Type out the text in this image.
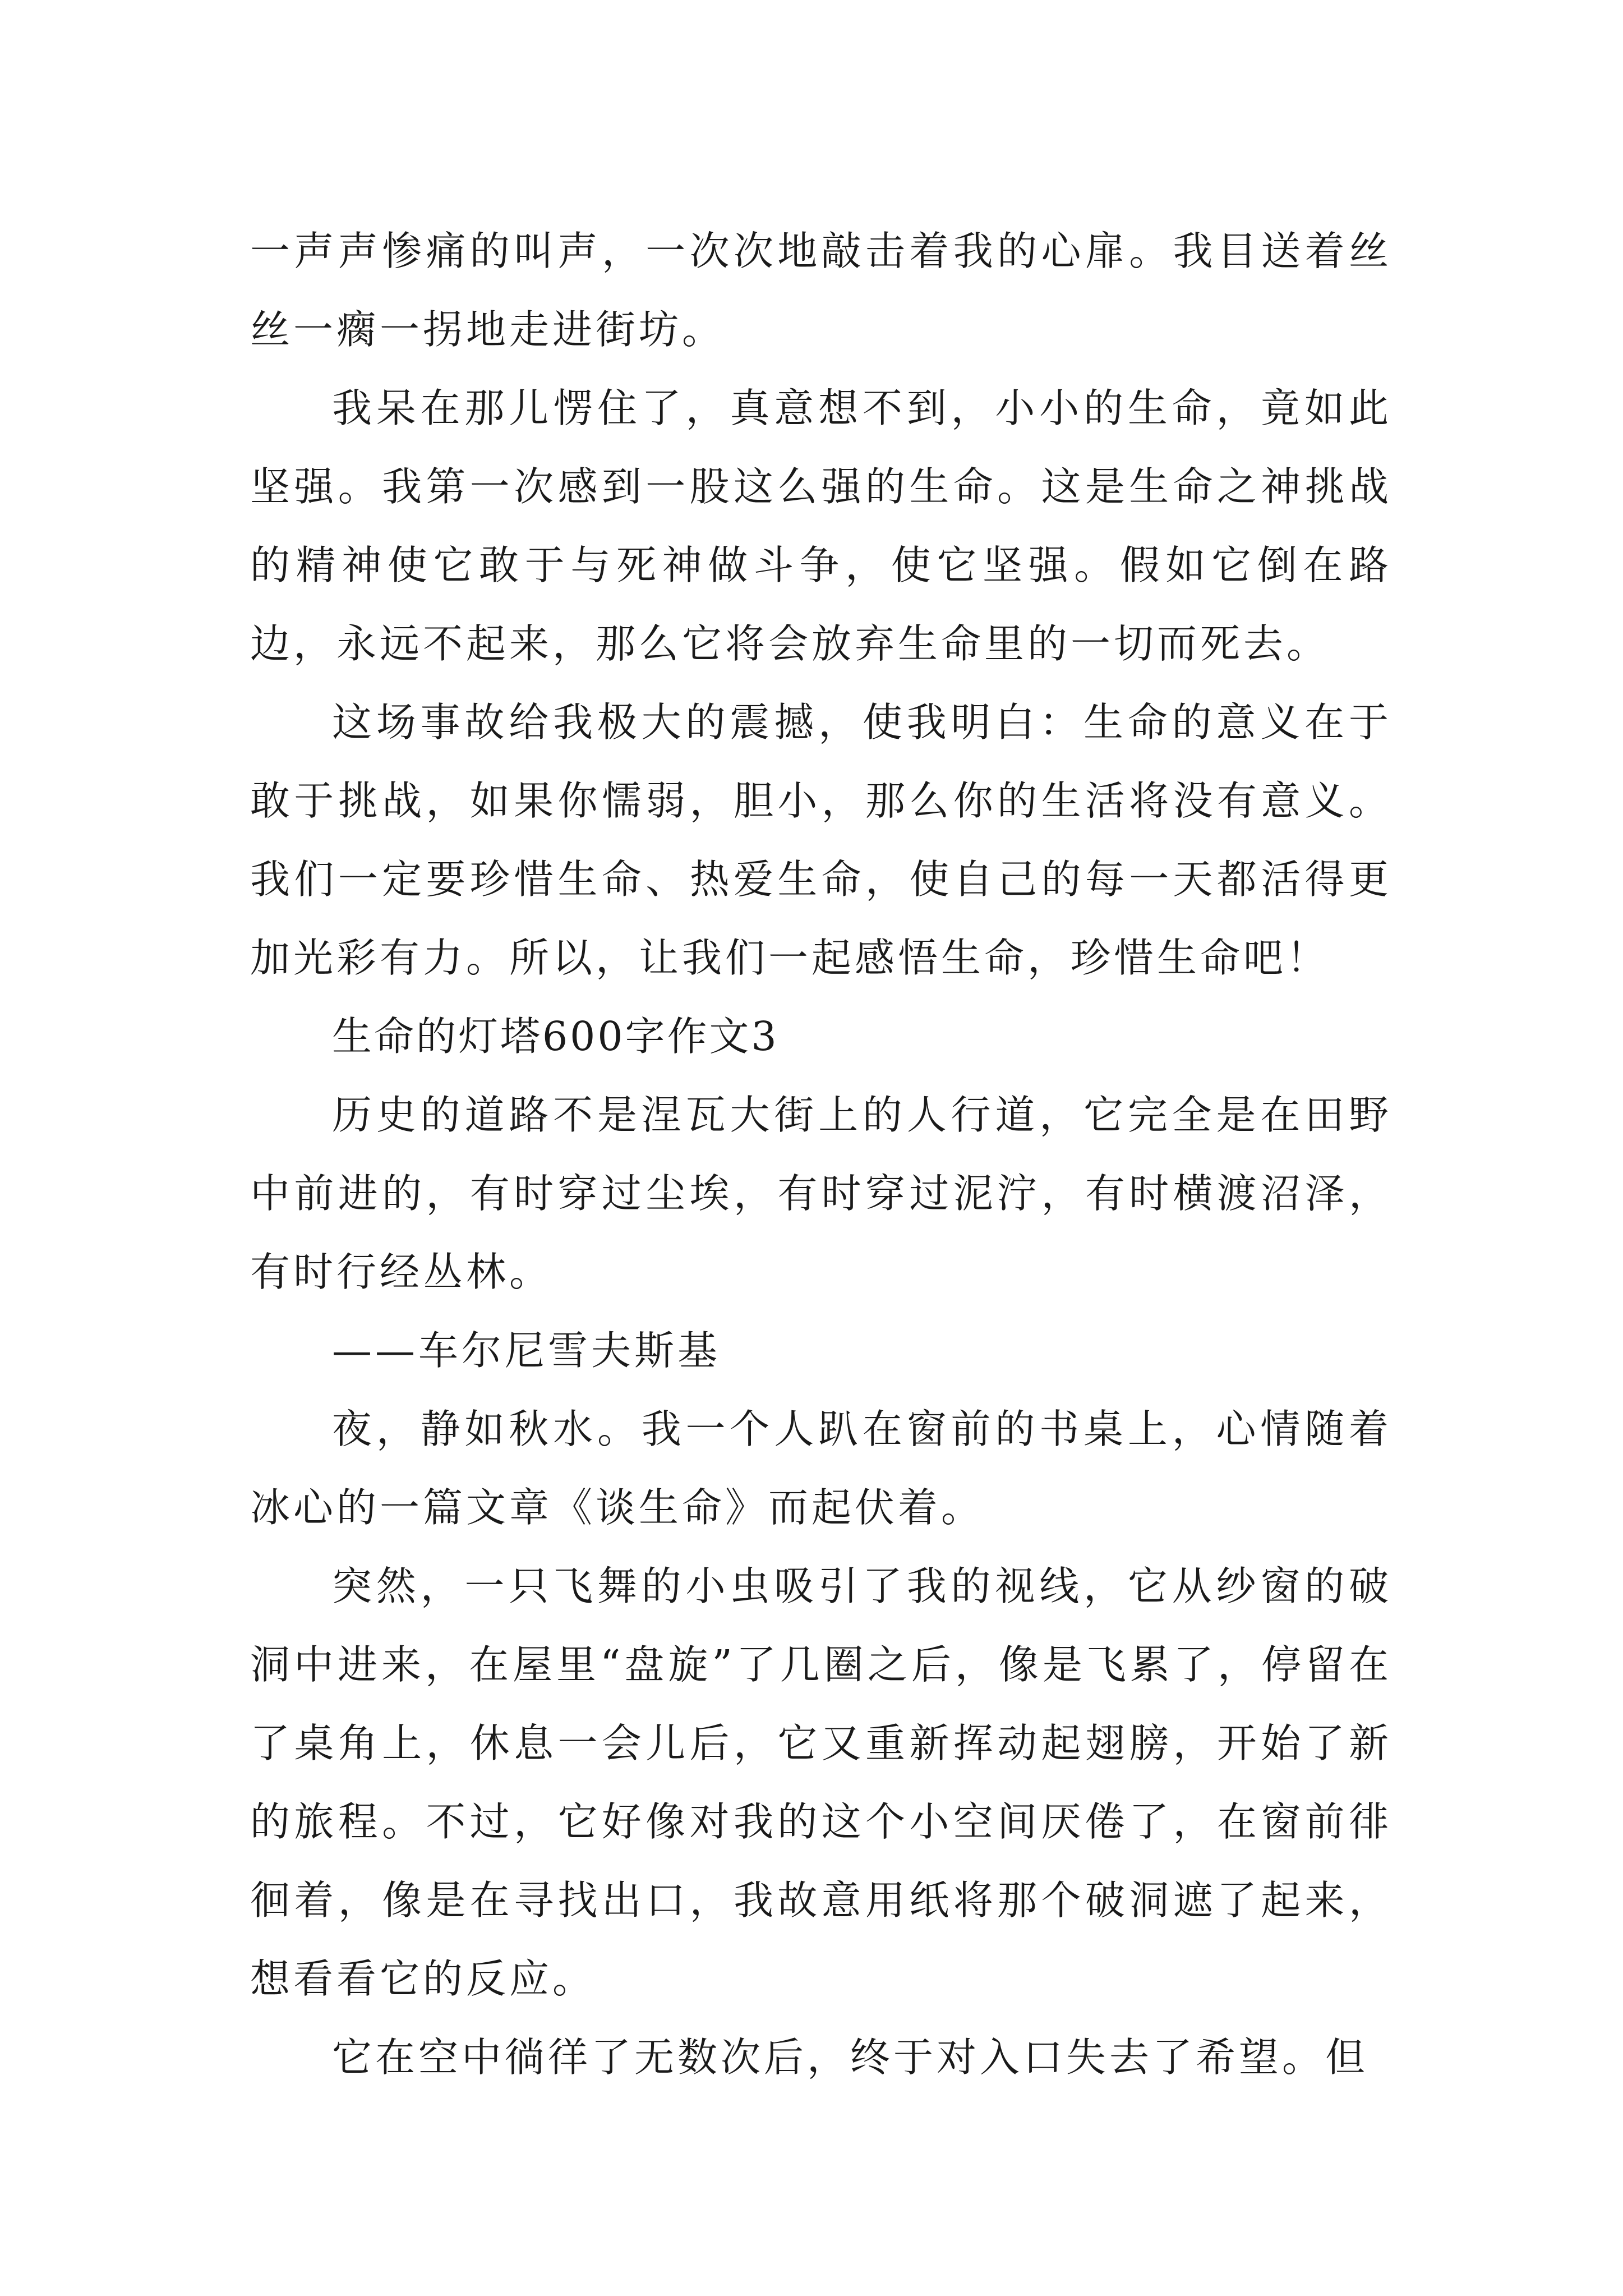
一声声惨痛的叫声，一次次地敲击着我的心扉。我目送着丝丝一瘸一拐地走进街坊。

我呆在那儿愣住了，真意想不到，小小的生命，竟如此坚强。我第一次感到一股这么强的生命。这是生命之神挑战的精神使它敢于与死神做斗争，使它坚强。假如它倒在路边，永远不起来，那么它将会放弃生命里的一切而死去。

这场事故给我极大的震撼，使我明白：生命的意义在于敢于挑战，如果你懦弱，胆小，那么你的生活将没有意义。我们一定要珍惜生命、热爱生命，使自己的每一天都活得更加光彩有力。所以，让我们一起感悟生命，珍惜生命吧！

生命的灯塔600字作文3

历史的道路不是涅瓦大街上的人行道，它完全是在田野中前进的，有时穿过尘埃，有时穿过泥泞，有时横渡沼泽，有时行经丛林。

——车尔尼雪夫斯基

夜，静如秋水。我一个人趴在窗前的书桌上，心情随着冰心的一篇文章《谈生命》而起伏着。

突然，一只飞舞的小虫吸引了我的视线，它从纱窗的破洞中进来，在屋里“盘旋”了几圈之后，像是飞累了，停留在了桌角上，休息一会儿后，它又重新挥动起翅膀，开始了新的旅程。不过，它好像对我的这个小空间厌倦了，在窗前徘徊着，像是在寻找出口，我故意用纸将那个破洞遮了起来，想看看它的反应。

它在空中徜徉了无数次后，终于对入口失去了希望。但
